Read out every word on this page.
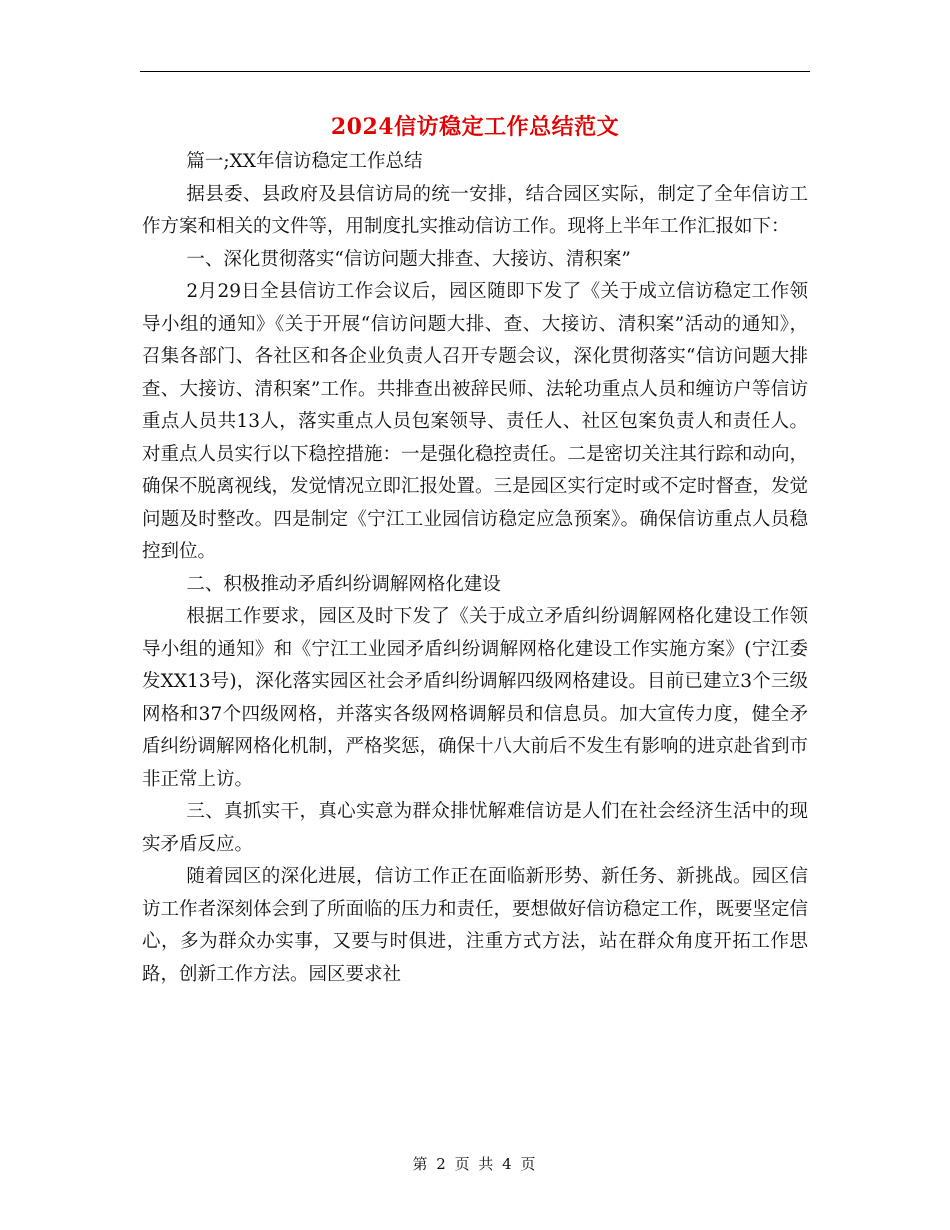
2024信访稳定工作总结范文

篇一;XX年信访稳定工作总结

据县委、县政府及县信访局的统一安排，结合园区实际，制定了全年信访工作方案和相关的文件等，用制度扎实推动信访工作。现将上半年工作汇报如下：

一、深化贯彻落实“信访问题大排查、大接访、清积案”

2月29日全县信访工作会议后，园区随即下发了《关于成立信访稳定工作领导小组的通知》《关于开展“信访问题大排、查、大接访、清积案”活动的通知》，召集各部门、各社区和各企业负责人召开专题会议，深化贯彻落实“信访问题大排查、大接访、清积案”工作。共排查出被辞民师、法轮功重点人员和缠访户等信访重点人员共13人，落实重点人员包案领导、责任人、社区包案负责人和责任人。对重点人员实行以下稳控措施：一是强化稳控责任。二是密切关注其行踪和动向，确保不脱离视线，发觉情况立即汇报处置。三是园区实行定时或不定时督查，发觉问题及时整改。四是制定《宁江工业园信访稳定应急预案》。确保信访重点人员稳控到位。

二、积极推动矛盾纠纷调解网格化建设

根据工作要求，园区及时下发了《关于成立矛盾纠纷调解网格化建设工作领导小组的通知》和《宁江工业园矛盾纠纷调解网格化建设工作实施方案》(宁江委发XX13号)，深化落实园区社会矛盾纠纷调解四级网格建设。目前已建立3个三级网格和37个四级网格，并落实各级网格调解员和信息员。加大宣传力度，健全矛盾纠纷调解网格化机制，严格奖惩，确保十八大前后不发生有影响的进京赴省到市非正常上访。

三、真抓实干，真心实意为群众排忧解难信访是人们在社会经济生活中的现实矛盾反应。

随着园区的深化进展，信访工作正在面临新形势、新任务、新挑战。园区信访工作者深刻体会到了所面临的压力和责任，要想做好信访稳定工作，既要坚定信心，多为群众办实事，又要与时俱进，注重方式方法，站在群众角度开拓工作思路，创新工作方法。园区要求社

第 2 页 共 4 页
